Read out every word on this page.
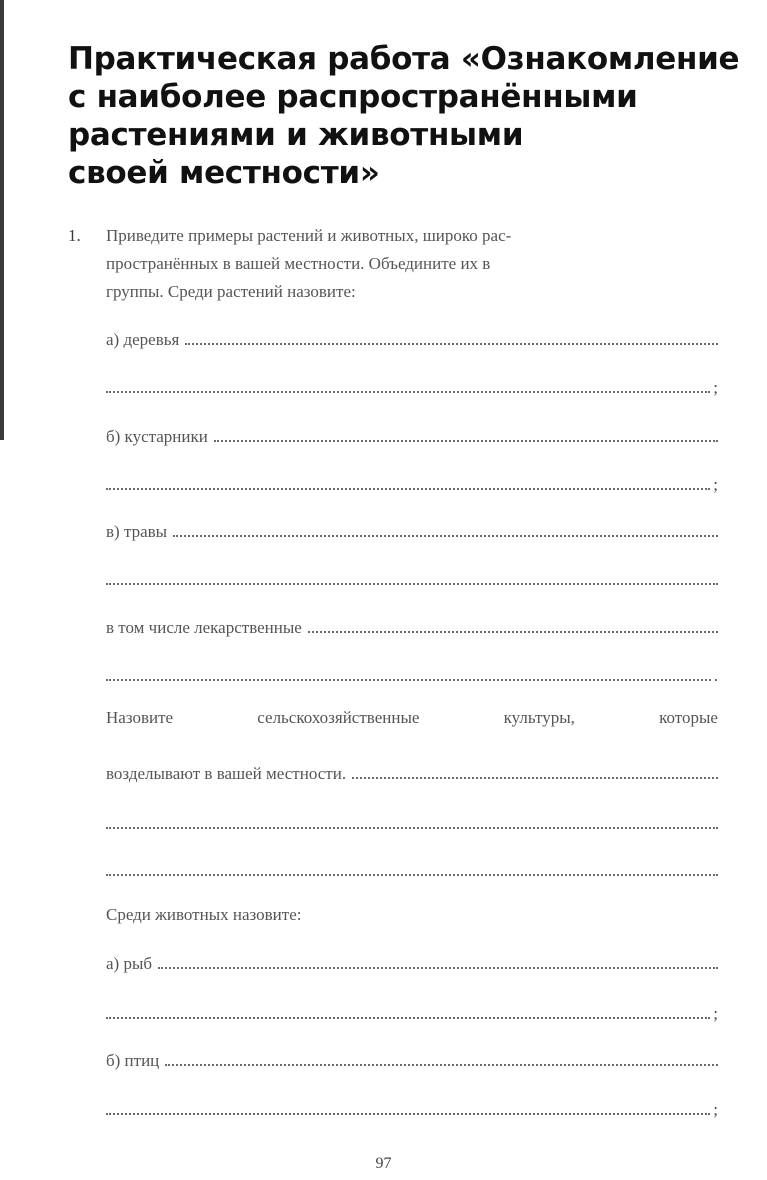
Практическая работа «Ознакомление
с наиболее распространёнными
растениями и животными
своей местности»
1. Приведите примеры растений и животных, широко рас-
пространённых в вашей местности. Объедините их в
группы. Среди растений назовите:
а) деревья
;
б) кустарники
;
в) травы
в том числе лекарственные
.
Назовите	сельскохозяйственные	культуры,	которые
возделывают в вашей местности.
Среди животных назовите:
а) рыб
;
б) птиц
;
97
